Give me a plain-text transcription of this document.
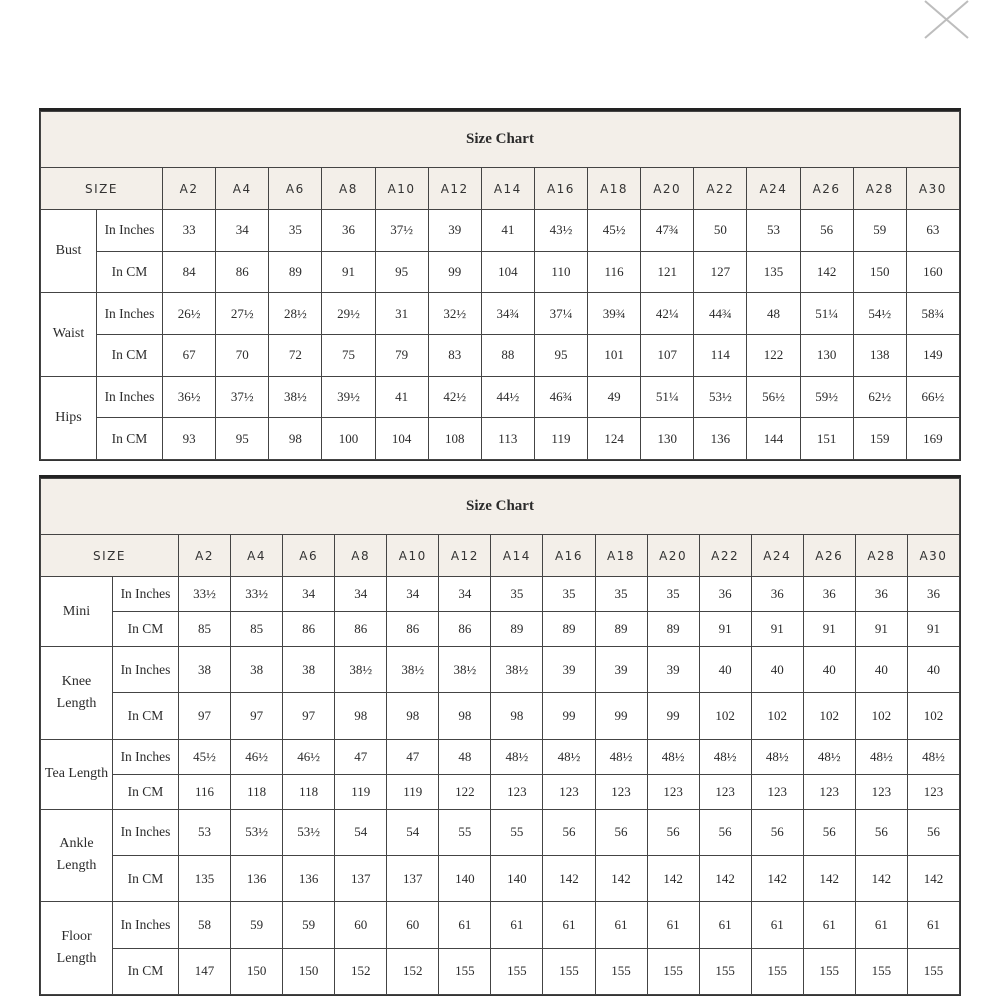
Size Chart																
SIZE		A2	A4	A6	A8	A10	A12	A14	A16	A18	A20	A22	A24	A26	A28	A30
Bust	In Inches	33	34	35	36	37½	39	41	43½	45½	47¾	50	53	56	59	63
	In CM	84	86	89	91	95	99	104	110	116	121	127	135	142	150	160
Waist	In Inches	26½	27½	28½	29½	31	32½	34¾	37¼	39¾	42¼	44¾	48	51¼	54½	58¾
	In CM	67	70	72	75	79	83	88	95	101	107	114	122	130	138	149
Hips	In Inches	36½	37½	38½	39½	41	42½	44½	46¾	49	51¼	53½	56½	59½	62½	66½
	In CM	93	95	98	100	104	108	113	119	124	130	136	144	151	159	169
Size Chart																
SIZE		A2	A4	A6	A8	A10	A12	A14	A16	A18	A20	A22	A24	A26	A28	A30
Mini	In Inches	33½	33½	34	34	34	34	35	35	35	35	36	36	36	36	36
	In CM	85	85	86	86	86	86	89	89	89	89	91	91	91	91	91
Knee Length	In Inches	38	38	38	38½	38½	38½	38½	39	39	39	40	40	40	40	40
	In CM	97	97	97	98	98	98	98	99	99	99	102	102	102	102	102
Tea Length	In Inches	45½	46½	46½	47	47	48	48½	48½	48½	48½	48½	48½	48½	48½	48½
	In CM	116	118	118	119	119	122	123	123	123	123	123	123	123	123	123
Ankle Length	In Inches	53	53½	53½	54	54	55	55	56	56	56	56	56	56	56	56
	In CM	135	136	136	137	137	140	140	142	142	142	142	142	142	142	142
Floor Length	In Inches	58	59	59	60	60	61	61	61	61	61	61	61	61	61	61
	In CM	147	150	150	152	152	155	155	155	155	155	155	155	155	155	155
